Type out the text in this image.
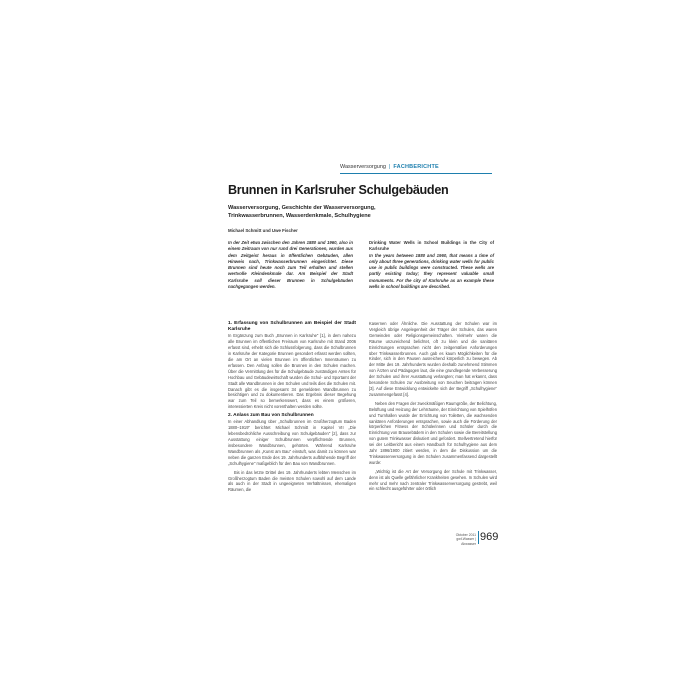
Wasserversorgung | FACHBERICHTE
Brunnen in Karlsruher Schulgebäuden
Wasserversorgung, Geschichte der Wasserversorgung, Trinkwasserbrunnen, Wasserdenkmale, Schulhygiene
Michael Schmitt und Uwe Fischer
In der Zeit etwa zwischen den Jahren 1880 und 1960, also in einem Zeitraum von nur rund drei Generationen, wurden aus dem Zeitgeist heraus in öffentlichen Gebäuden, allen Hinweis nach, Trinkwasserbrunnen eingerichtet. Diese Brunnen sind heute noch zum Teil erhalten und stellen wertvolle Kleindenkmale dar. Am Beispiel der Stadt Karlsruhe soll dieser Brunnen in Schulgebäuden nachgegangen werden.
Drinking Water Wells in School Buildings in the City of Karlsruhe
In the years between 1880 and 1960, that means a time of only about three generations, drinking water wells for public use in public buildings were constructed. These wells are partly existing today; they represent valuable small monuments. For the city of Karlsruhe as an example these wells in school buildings are described.
1. Erfassung von Schulbrunnen am Beispiel der Stadt Karlsruhe

In Ergänzung zum Buch „Brunnen in Karlsruhe" [1], in dem nahezu alle Brunnen im öffentlichen Freiraum von Karlsruhe mit Stand 2006 erfasst sind, erhebt sich die Schlussfolgerung, dass die Schulbrunnen in Karlsruhe der Kategorie Brunnen gesondert erfasst werden sollten, die am Ort an vielen Brunnen im öffentlichen Innenräumen zu erfassen. Den Anfang sollen die Brunnen in den Schulen machen. Über die Vermittlung des für die Schulgebäude zuständigen Amtes für Hochbau und Gebäudewirtschaft wurden die Schul- und Sportamt der Stadt alle Wandbrunnen in den Schulen und teils dies die Schulen mit. Danach gibt es die insgesamt 34 gemeldeten Wandbrunnen zu besichtigen und zu dokumentieren. Das Ergebnis dieser Begehung war zum Teil so bemerkenswert, dass es einem größeren, interessierten Kreis nicht vorenthalten werden sollte.

2. Anlass zum Bau von Schulbrunnen

In einer Abhandlung über „Schulbrunnen im Großherzogtum Baden 1880–1919" berichtet Michael Schmitt in Kapitel VII „Die lebensbedrohliche Ausschreibung von Schulgebäuden" [2], dass zur Ausstattung einiger Schulbrunnen verpflichtende Brunnen, insbesondere Wandbrunnen, gehörten. Während Karlsruhe Wandbrunnen als „Kunst am Bau" einstuft, was damit zu können war neben die ganzen Ende des 19. Jahrhunderts aufblühende Begriff der „Schulhygiene" maßgeblich für den Bau von Wandbrunnen.

Bis in das letzte Drittel des 19. Jahrhunderts lebten Menschen im Großherzogtum Baden die meisten Schulen sowohl auf dem Lande als auch in der Stadt in ungeeigneten Verhältnissen, ehemaligen Räumen, die

Kasernen oder Ähnliche. Die Ausstattung der Schulen war im Vergleich übrige Angelegenheit der Träger der Schulen, das waren Gemeinden oder Religionsgemeinschaften. Vielmehr waren die Räume unzureichend belichtet, oft zu klein und die sanitären Einrichtungen entsprachen nicht den zeitgemäßen Anforderungen über Trinkwasserbrunnen. Auch gab es kaum Möglichkeiten für die Kinder, sich in den Pausen ausreichend körperlich zu bewegen. Ab der Mitte des 19. Jahrhunderts wurden deshalb zunehmend Stimmen von Ärzten und Pädagogen laut, die eine grundlegende Verbesserung der Schulen und ihrer Ausstattung verlangten; man hat erkannt, dass besondere Schulen zur Ausbreitung von Seuchen beitragen können [3]. Auf diese Entwicklung entwickelte sich der Begriff „Schulhygiene" zusammengefasst [4].

Neben den Fragen der zweckmäßigen Raumgröße, der Belichtung, Belüftung und Heizung der Lehrräume, der Einrichtung von Spielhöfen und Turnhallen wurde der Errichtung von Toiletten, die wachsenden sanitären Anforderungen entsprachen, sowie auch die Förderung der körperlichen Fitness der Schülerinnen und Schüler durch die Einrichtung von Brausebädern in den Schulen sowie die Bereitstellung von gutem Trinkwasser diskutiert und gefordert. Stellvertretend hierfür sei der Leitbericht aus einem Handbuch für Schulhygiene aus dem Jahr 1896/1900 zitiert werden, in dem die Diskussion um die Trinkwasserversorgung in den Schulen zusammenfassend dargestellt wurde:

„Wichtig ist die Art der Versorgung der Schule mit Trinkwasser, denn ist als Quelle gefährlicher Krankheiten gesehen. In Schulen wird mehr und mehr nach zentraler Trinkwasserversorgung gestrebt, weil ein schlecht ausgeführter oder örtlich

Oktober 2011
gwf-Wasser | Abwasser
969
